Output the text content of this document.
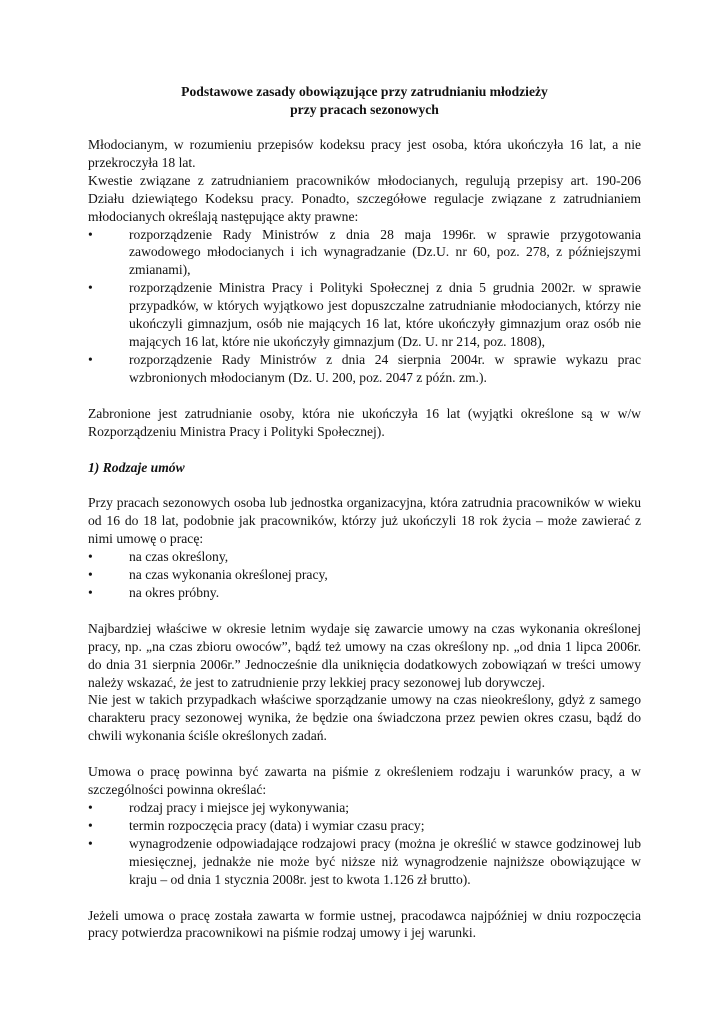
Podstawowe zasady obowiązujące przy zatrudnianiu młodzieży
przy pracach sezonowych

Młodocianym, w rozumieniu przepisów kodeksu pracy jest osoba, która ukończyła 16 lat, a nie przekroczyła 18 lat.

Kwestie związane z zatrudnianiem pracowników młodocianych, regulują przepisy art. 190-206 Działu dziewiątego Kodeksu pracy. Ponadto, szczegółowe regulacje związane z zatrudnianiem młodocianych określają następujące akty prawne:

•	rozporządzenie Rady Ministrów z dnia 28 maja 1996r. w sprawie przygotowania zawodowego młodocianych i ich wynagradzanie (Dz.U. nr 60, poz. 278, z późniejszymi zmianami),
•	rozporządzenie Ministra Pracy i Polityki Społecznej z dnia 5 grudnia 2002r. w sprawie przypadków, w których wyjątkowo jest dopuszczalne zatrudnianie młodocianych, którzy nie ukończyli gimnazjum, osób nie mających 16 lat, które ukończyły gimnazjum oraz osób nie mających 16 lat, które nie ukończyły gimnazjum (Dz. U. nr 214, poz. 1808),
•	rozporządzenie Rady Ministrów z dnia 24 sierpnia 2004r. w sprawie wykazu prac wzbronionych młodocianym (Dz. U. 200, poz. 2047 z późn. zm.).

Zabronione jest zatrudnianie osoby, która nie ukończyła 16 lat (wyjątki określone są w w/w Rozporządzeniu Ministra Pracy i Polityki Społecznej).

1) Rodzaje umów

Przy pracach sezonowych osoba lub jednostka organizacyjna, która zatrudnia pracowników w wieku od 16 do 18 lat, podobnie jak pracowników, którzy już ukończyli 18 rok życia – może zawierać z nimi umowę o pracę:

•	na czas określony,
•	na czas wykonania określonej pracy,
•	na okres próbny.

Najbardziej właściwe w okresie letnim wydaje się zawarcie umowy na czas wykonania określonej pracy, np. „na czas zbioru owoców”, bądź też umowy na czas określony np. „od dnia 1 lipca 2006r. do dnia 31 sierpnia 2006r.” Jednocześnie dla uniknięcia dodatkowych zobowiązań w treści umowy należy wskazać, że jest to zatrudnienie przy lekkiej pracy sezonowej lub dorywczej.

Nie jest w takich przypadkach właściwe sporządzanie umowy na czas nieokreślony, gdyż z samego charakteru pracy sezonowej wynika, że będzie ona świadczona przez pewien okres czasu, bądź do chwili wykonania ściśle określonych zadań.

Umowa o pracę powinna być zawarta na piśmie z określeniem rodzaju i warunków pracy, a w szczególności powinna określać:

•	rodzaj pracy i miejsce jej wykonywania;
•	termin rozpoczęcia pracy (data) i wymiar czasu pracy;
•	wynagrodzenie odpowiadające rodzajowi pracy (można je określić w stawce godzinowej lub miesięcznej, jednakże nie może być niższe niż wynagrodzenie najniższe obowiązujące w kraju – od dnia 1 stycznia 2008r. jest to kwota 1.126 zł brutto).

Jeżeli umowa o pracę została zawarta w formie ustnej, pracodawca najpóźniej w dniu rozpoczęcia pracy potwierdza pracownikowi na piśmie rodzaj umowy i jej warunki.
